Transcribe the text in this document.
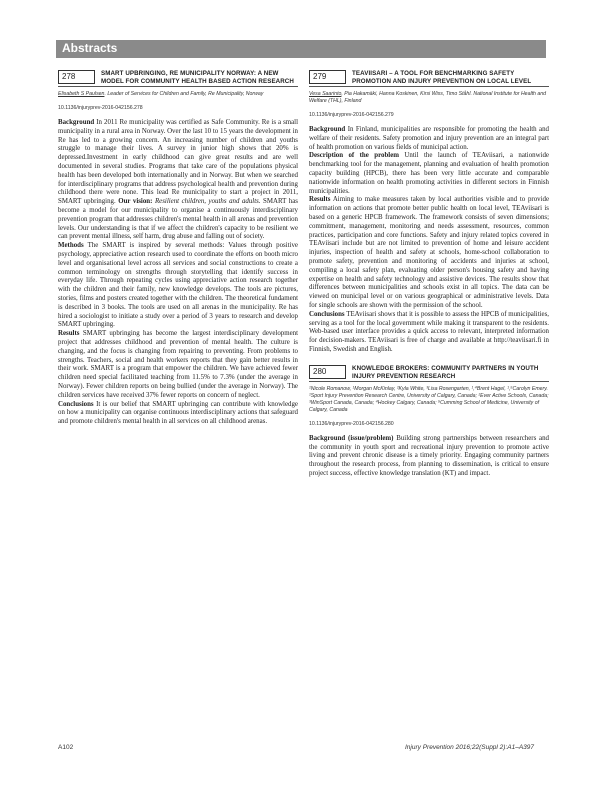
Abstracts
278	SMART UPBRINGING, RE MUNICIPALITY NORWAY: A NEW MODEL FOR COMMUNITY HEALTH BASED ACTION RESEARCH
Elisabeth S Paulsen. Leader of Services for Children and Family, Re Municipality, Norway
10.1136/injuryprev-2016-042156.278

Background In 2011 Re municipality was certified as Safe Community. Re is a small municipality in a rural area in Norway. Over the last 10 to 15 years the development in Re has led to a growing concern. An increasing number of children and youths struggle to manage their lives. A survey in junior high shows that 20% is depressed.Investment in early childhood can give great results and are well documented in several studies. Programs that take care of the populations physical health has been developed both internationally and in Norway. But when we searched for interdisciplinary programs that address psychological health and prevention during childhood there were none. This lead Re municipality to start a project in 2011, SMART upbringing. Our vision: Resilient children, youths and adults. SMART has become a model for our municipality to organise a continuously interdisciplinary prevention program that addresses children's mental health in all arenas and prevention levels. Our understanding is that if we affect the children's capacity to be resilient we can prevent mental illness, self harm, drug abuse and falling out of society.

Methods The SMART is inspired by several methods: Values through positive psychology, appreciative action research used to coordinate the efforts on booth micro level and organisational level across all services and social constructions to create a common terminology on strengths through storytelling that identify success in everyday life. Through repeating cycles using appreciative action research together with the children and their family, new knowledge develops. The tools are pictures, stories, films and posters created together with the children. The theoretical fundament is described in 3 books. The tools are used on all arenas in the municipality. Re has hired a sociologist to initiate a study over a period of 3 years to research and develop SMART upbringing.

Results SMART upbringing has become the largest interdisciplinary development project that addresses childhood and prevention of mental health. The culture is changing, and the focus is changing from repairing to preventing. From problems to strengths. Teachers, social and health workers reports that they gain better results in their work. SMART is a program that empower the children. We have achieved fewer children need special facilitated teaching from 11.5% to 7.3% (under the average in Norway). Fewer children reports on being bullied (under the average in Norway). The children services have received 37% fewer reports on concern of neglect.

Conclusions It is our belief that SMART upbringing can contribute with knowledge on how a municipality can organise continuous interdisciplinary actions that safeguard and promote children's mental health in all services on all childhood arenas.

279	TEAVIISARI – A TOOL FOR BENCHMARKING SAFETY PROMOTION AND INJURY PREVENTION ON LOCAL LEVEL
Vesa Saarinto, Pia Hakamäki, Hanna Koskinen, Kirsi Wiss, Timo Ståhl. National Institute for Health and Welfare (THL), Finland
10.1136/injuryprev-2016-042156.279

Background In Finland, municipalities are responsible for promoting the health and welfare of their residents. Safety promotion and injury prevention are an integral part of health promotion on various fields of municipal action.

Description of the problem Until the launch of TEAviisari, a nationwide benchmarking tool for the management, planning and evaluation of health promotion capacity building (HPCB), there has been very little accurate and comparable nationwide information on health promoting activities in different sectors in Finnish municipalities.

Results Aiming to make measures taken by local authorities visible and to provide information on actions that promote better public health on local level, TEAviisari is based on a generic HPCB framework. The framework consists of seven dimensions; commitment, management, monitoring and needs assessment, resources, common practices, participation and core functions. Safety and injury related topics covered in TEAviisari include but are not limited to prevention of home and leisure accident injuries, inspection of health and safety at schools, home-school collaboration to promote safety, prevention and monitoring of accidents and injuries at school, compiling a local safety plan, evaluating older person's housing safety and having expertise on health and safety technology and assistive devices. The results show that differences between municipalities and schools exist in all topics. The data can be viewed on municipal level or on various geographical or administrative levels. Data for single schools are shown with the permission of the school.

Conclusions TEAviisari shows that it is possible to assess the HPCB of municipalities, serving as a tool for the local government while making it transparent to the residents. Web-based user interface provides a quick access to relevant, interpreted information for decision-makers. TEAviisari is free of charge and available at http://teaviisari.fi in Finnish, Swedish and English.

280	KNOWLEDGE BROKERS: COMMUNITY PARTNERS IN YOUTH INJURY PREVENTION RESEARCH
¹Nicole Romanow, ¹Morgan McKinlay, ²Kyla White, ³Lisa Rosengarten, ¹,⁴Brent Hagel, ¹,⁵Carolyn Emery. ¹Sport Injury Prevention Research Centre, University of Calgary, Canada; ²Ever Active Schools, Canada; ³WinSport Canada, Canada; ⁴Hockey Calgary, Canada; ⁵Cumming School of Medicine, University of Calgary, Canada
10.1136/injuryprev-2016-042156.280

Background (issue/problem) Building strong partnerships between researchers and the community in youth sport and recreational injury prevention to promote active living and prevent chronic disease is a timely priority. Engaging community partners throughout the research process, from planning to dissemination, is critical to ensure project success, effective knowledge translation (KT) and impact.

A102	Injury Prevention 2016;22(Suppl 2):A1–A397
